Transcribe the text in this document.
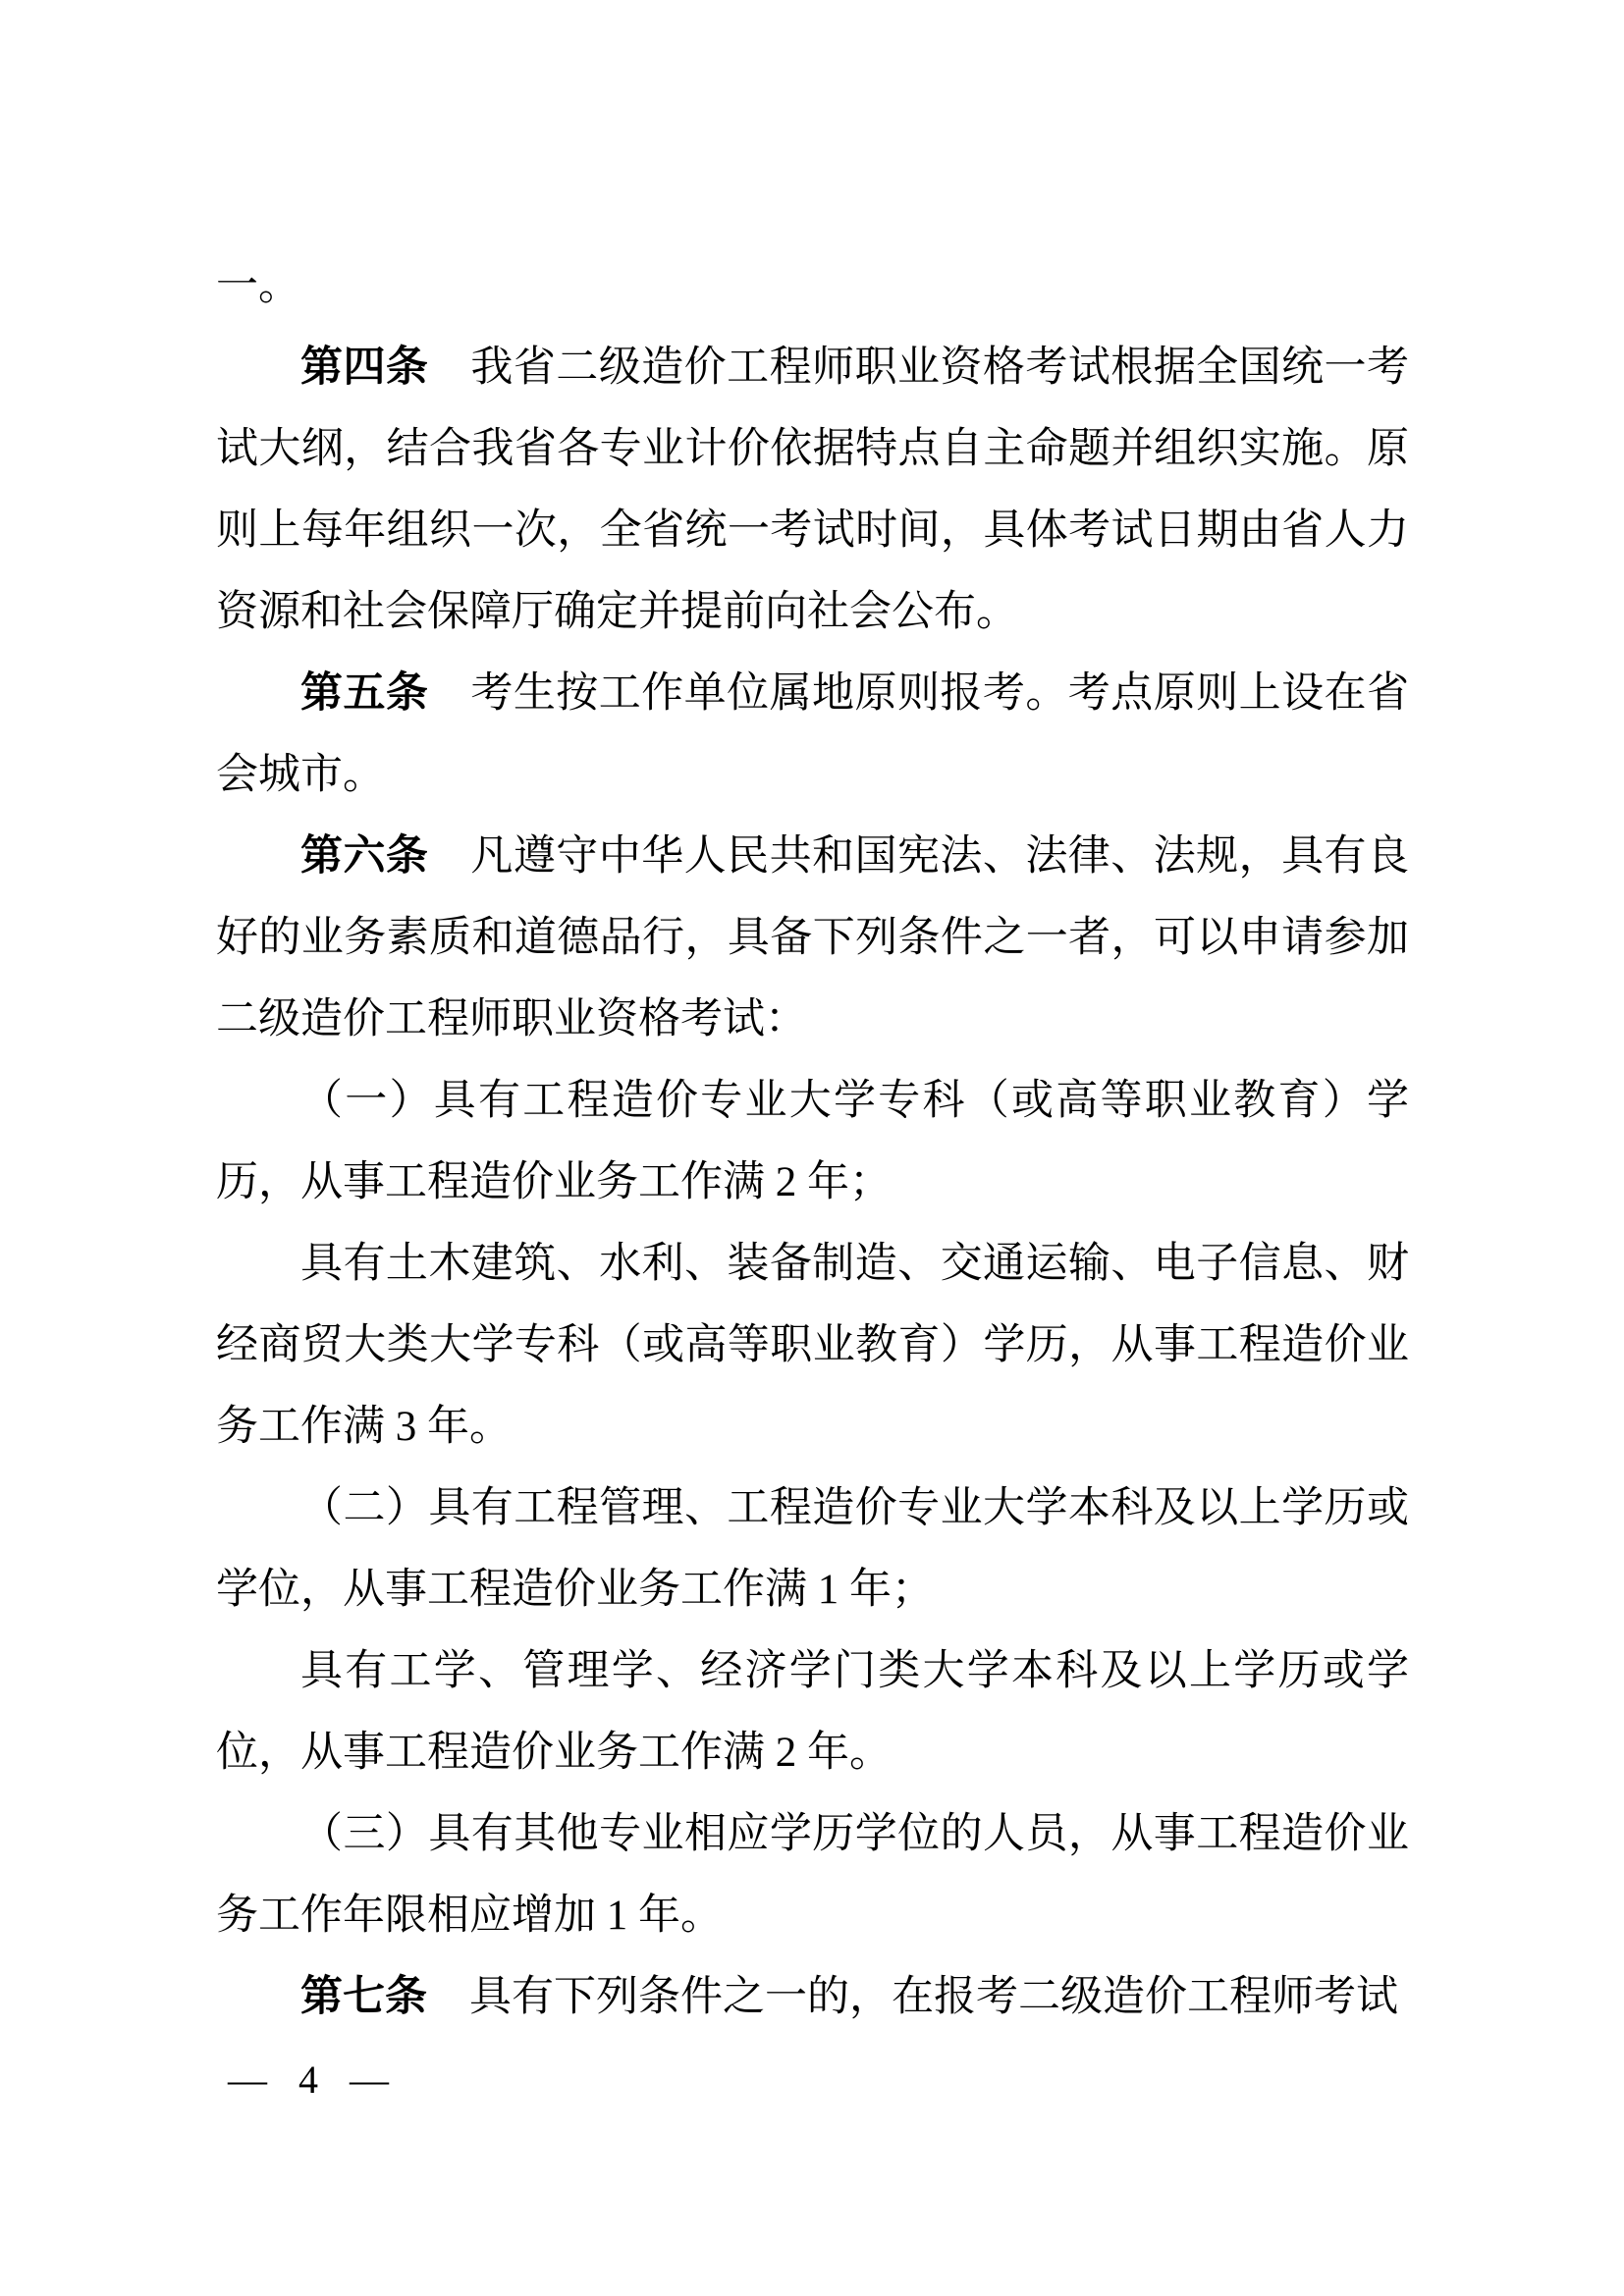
一。

第四条 我省二级造价工程师职业资格考试根据全国统一考试大纲，结合我省各专业计价依据特点自主命题并组织实施。原则上每年组织一次，全省统一考试时间，具体考试日期由省人力资源和社会保障厅确定并提前向社会公布。

第五条 考生按工作单位属地原则报考。考点原则上设在省会城市。

第六条 凡遵守中华人民共和国宪法、法律、法规，具有良好的业务素质和道德品行，具备下列条件之一者，可以申请参加二级造价工程师职业资格考试：

（一）具有工程造价专业大学专科（或高等职业教育）学历，从事工程造价业务工作满 2 年；

具有土木建筑、水利、装备制造、交通运输、电子信息、财经商贸大类大学专科（或高等职业教育）学历，从事工程造价业务工作满 3 年。

（二）具有工程管理、工程造价专业大学本科及以上学历或学位，从事工程造价业务工作满 1 年；

具有工学、管理学、经济学门类大学本科及以上学历或学位，从事工程造价业务工作满 2 年。

（三）具有其他专业相应学历学位的人员，从事工程造价业务工作年限相应增加 1 年。

第七条 具有下列条件之一的，在报考二级造价工程师考试

— 4 —
